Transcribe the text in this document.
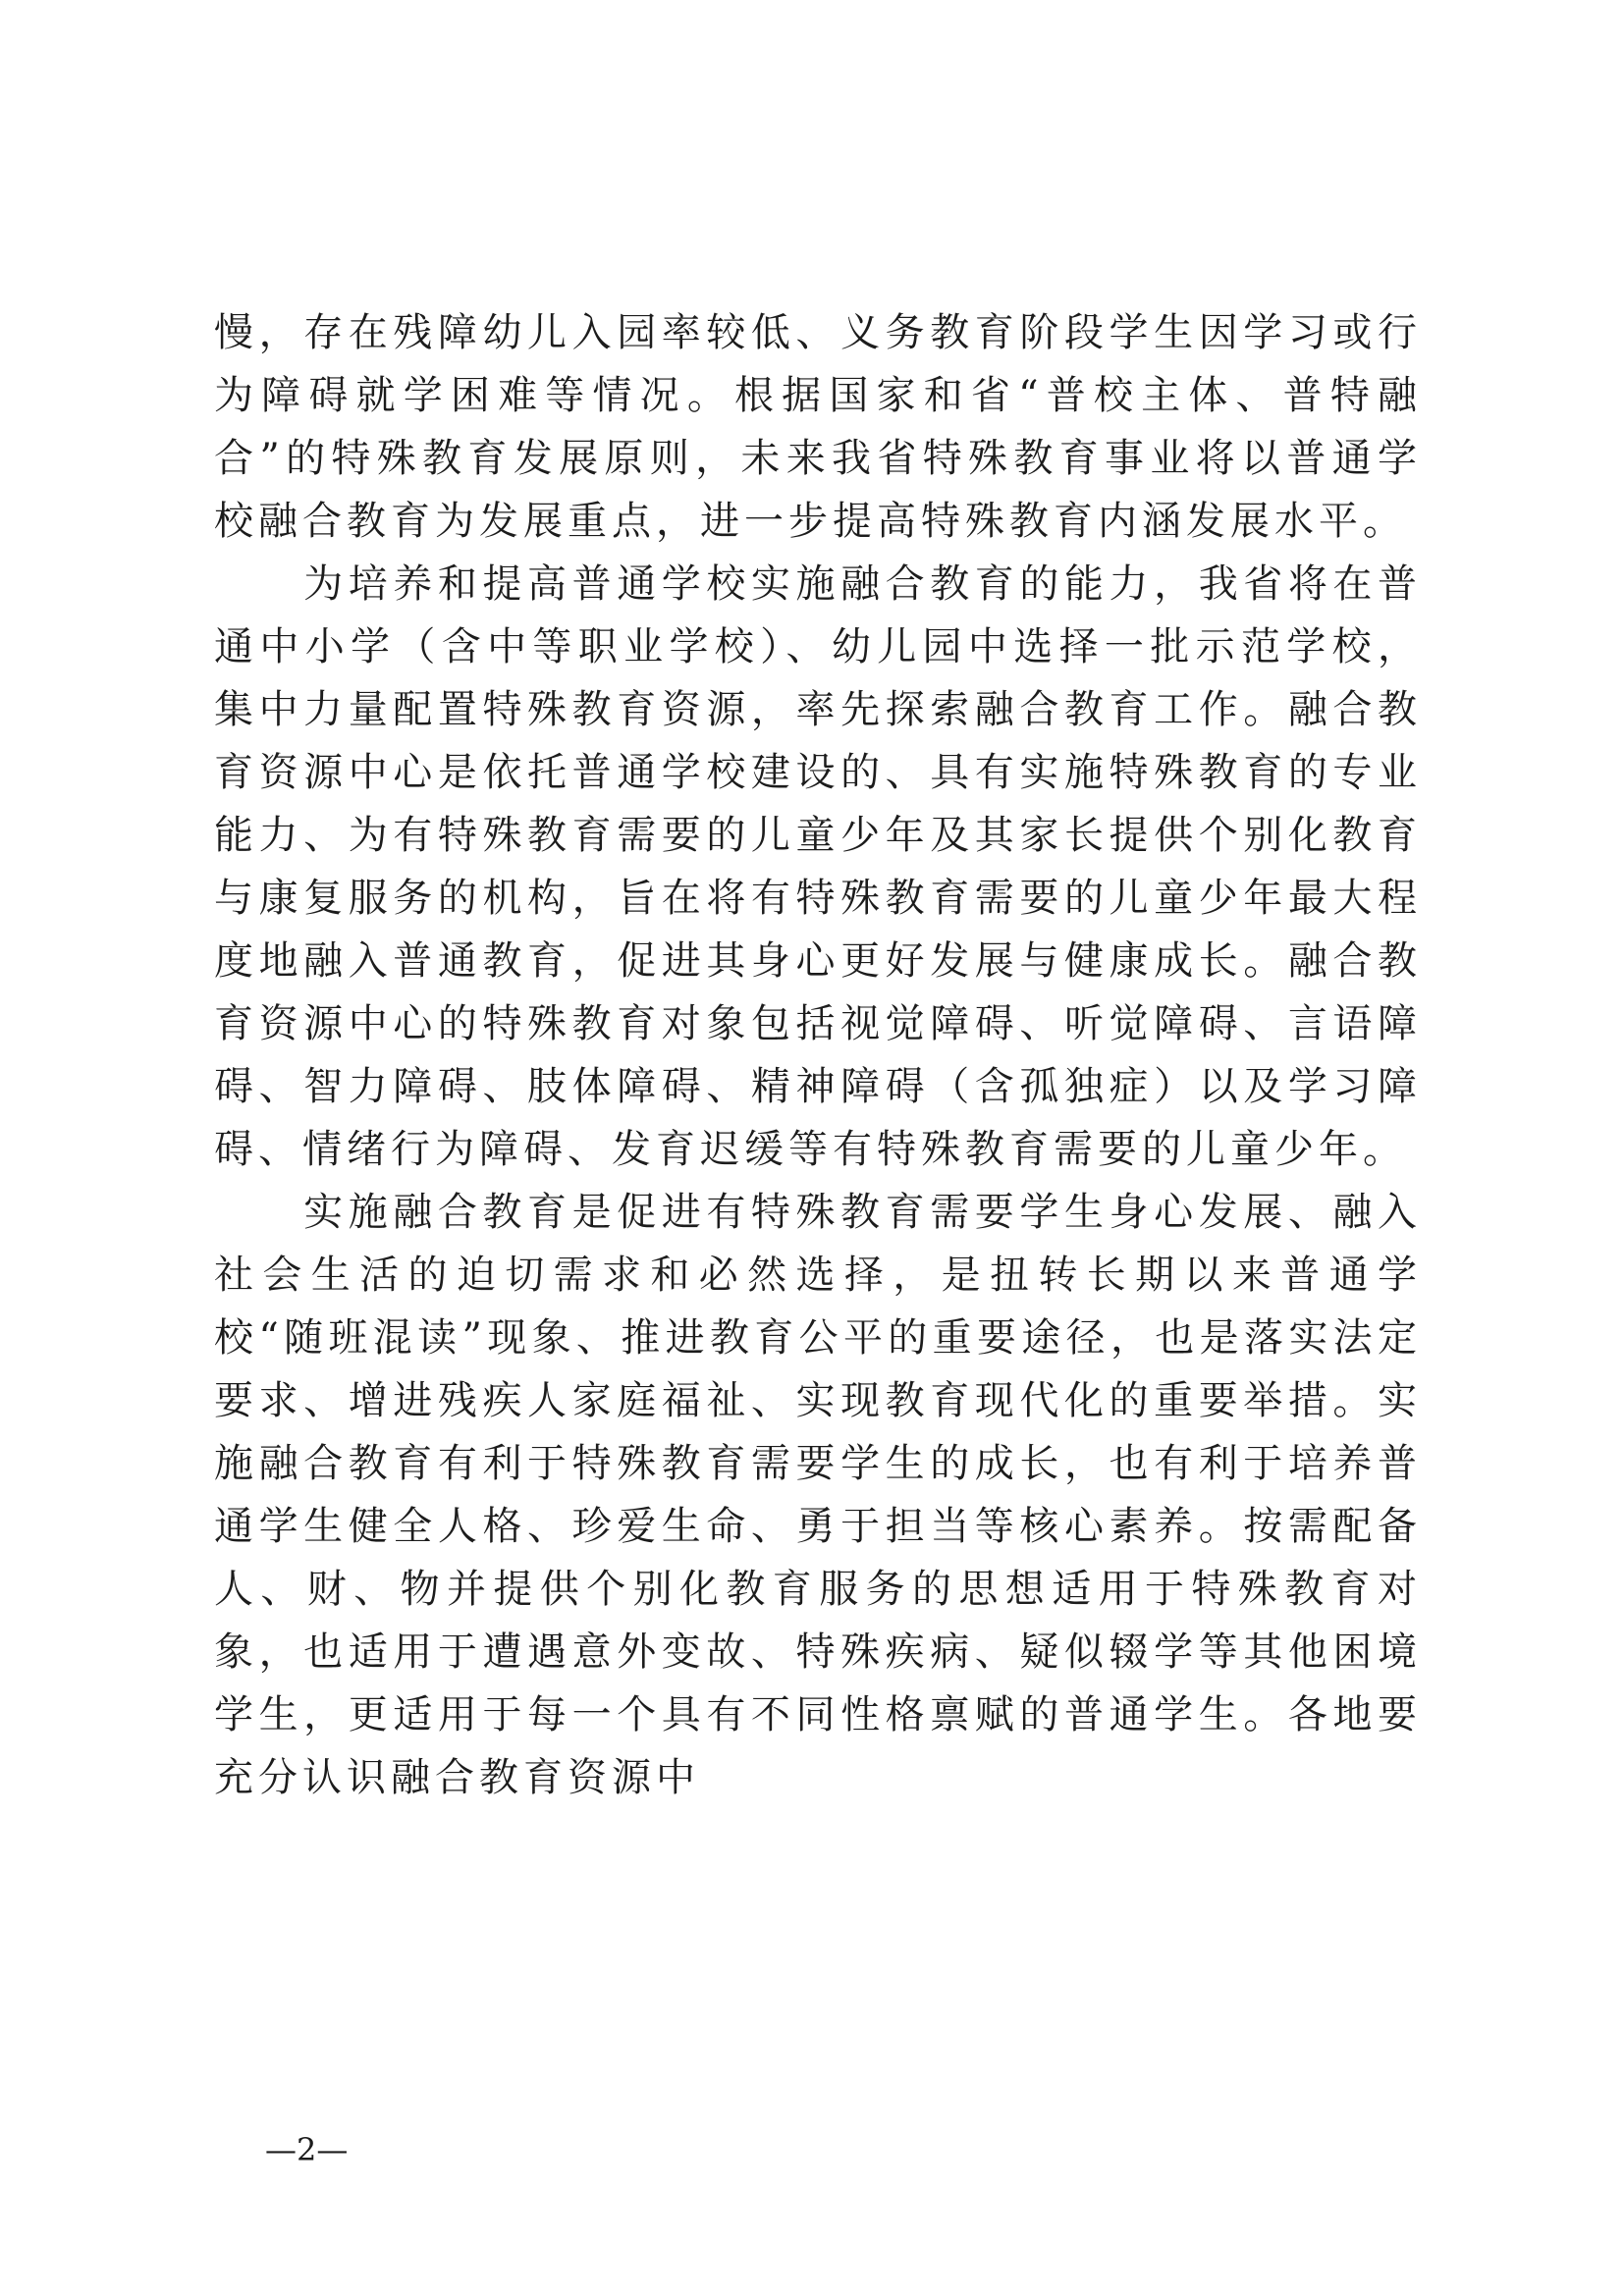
慢，存在残障幼儿入园率较低、义务教育阶段学生因学习或行为障碍就学困难等情况。根据国家和省“普校主体、普特融合”的特殊教育发展原则，未来我省特殊教育事业将以普通学校融合教育为发展重点，进一步提高特殊教育内涵发展水平。

　　为培养和提高普通学校实施融合教育的能力，我省将在普通中小学（含中等职业学校）、幼儿园中选择一批示范学校，集中力量配置特殊教育资源，率先探索融合教育工作。融合教育资源中心是依托普通学校建设的、具有实施特殊教育的专业能力、为有特殊教育需要的儿童少年及其家长提供个别化教育与康复服务的机构，旨在将有特殊教育需要的儿童少年最大程度地融入普通教育，促进其身心更好发展与健康成长。融合教育资源中心的特殊教育对象包括视觉障碍、听觉障碍、言语障碍、智力障碍、肢体障碍、精神障碍（含孤独症）以及学习障碍、情绪行为障碍、发育迟缓等有特殊教育需要的儿童少年。

　　实施融合教育是促进有特殊教育需要学生身心发展、融入社会生活的迫切需求和必然选择，是扭转长期以来普通学校“随班混读”现象、推进教育公平的重要途径，也是落实法定要求、增进残疾人家庭福祉、实现教育现代化的重要举措。实施融合教育有利于特殊教育需要学生的成长，也有利于培养普通学生健全人格、珍爱生命、勇于担当等核心素养。按需配备人、财、物并提供个别化教育服务的思想适用于特殊教育对象，也适用于遭遇意外变故、特殊疾病、疑似辍学等其他困境学生，更适用于每一个具有不同性格禀赋的普通学生。各地要充分认识融合教育资源中

—2—
